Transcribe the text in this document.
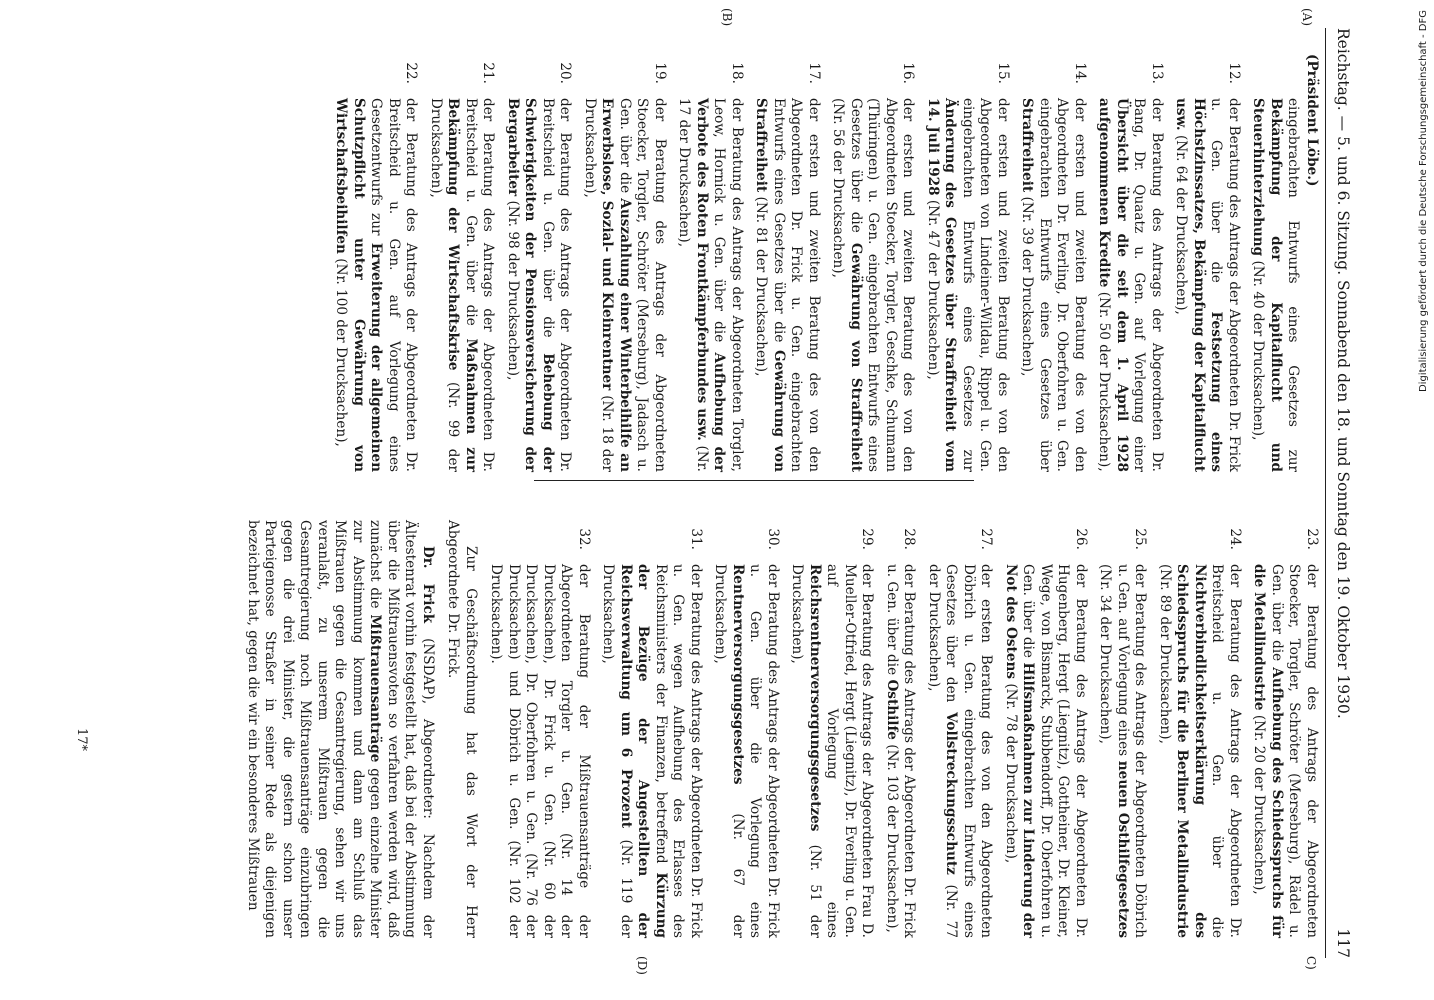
Reichstag. — 5. und 6. Sitzung. Sonnabend den 18. und Sonntag den 19. Oktober 1930.
117
(A)
(B)
C)
(D)
(Präsident Löbe.)
eingebrachten Entwurfs eines Gesetzes zur Bekämpfung der Kapitalflucht und Steuerhinterziehung (Nr. 40 der Drucksachen),
12.
der Beratung des Antrags der Abgeordneten Dr. Frick u. Gen. über die Festsetzung eines Höchstzinssatzes, Bekämpfung der Kapitalflucht usw. (Nr. 64 der Drucksachen),
13.
der Beratung des Antrags der Abgeordneten Dr. Bang, Dr. Quaatz u. Gen. auf Vorlegung einer Übersicht über die seit dem 1. April 1928 aufgenommenen Kredite (Nr. 50 der Drucksachen),
14.
der ersten und zweiten Beratung des von den Abgeordneten Dr. Everling, Dr. Oberfohren u. Gen. eingebrachten Entwurfs eines Gesetzes über Straffreiheit (Nr. 39 der Drucksachen),
15.
der ersten und zweiten Beratung des von den Abgeordneten von Lindeiner-Wildau, Rippel u. Gen. eingebrachten Entwurfs eines Gesetzes zur Änderung des Gesetzes über Straffreiheit vom 14. Juli 1928 (Nr. 47 der Drucksachen),
16.
der ersten und zweiten Beratung des von den Abgeordneten Stoecker, Torgler, Geschke, Schumann (Thüringen) u. Gen. eingebrachten Entwurfs eines Gesetzes über die Gewährung von Straffreiheit (Nr. 56 der Drucksachen),
17.
der ersten und zweiten Beratung des von den Abgeordneten Dr. Frick u. Gen. eingebrachten Entwurfs eines Gesetzes über die Gewährung von Straffreiheit (Nr. 81 der Drucksachen),
18.
der Beratung des Antrags der Abgeordneten Torgler, Leow, Hornick u. Gen. über die Aufhebung der Verbote des Roten Frontkämpferbundes usw. (Nr. 17 der Drucksachen),
19.
der Beratung des Antrags der Abgeordneten Stoecker, Torgler, Schröter (Merseburg), Jadasch u. Gen. über die Auszahlung einer Winterbeihilfe an Erwerbslose, Sozial- und Kleinrentner (Nr. 18 der Drucksachen),
20.
der Beratung des Antrags der Abgeordneten Dr. Breitscheid u. Gen. über die Behebung der Schwierigkeiten der Pensionsversicherung der Bergarbeiter (Nr. 98 der Drucksachen),
21.
der Beratung des Antrags der Abgeordneten Dr. Breitscheid u. Gen. über die Maßnahmen zur Bekämpfung der Wirtschaftskrise (Nr. 99 der Drucksachen),
22.
der Beratung des Antrags der Abgeordneten Dr. Breitscheid u. Gen. auf Vorlegung eines Gesetzentwurfs zur Erweiterung der allgemeinen Schutzpflicht unter Gewährung von Wirtschaftsbeihilfen (Nr. 100 der Drucksachen),
23.
der Beratung des Antrags der Abgeordneten Stoecker, Torgler, Schröter (Merseburg), Rädel u. Gen. über die Aufhebung des Schiedsspruchs für die Metallindustrie (Nr. 20 der Drucksachen),
24.
der Beratung des Antrags der Abgeordneten Dr. Breitscheid u. Gen. über die Nichtverbindlichkeitserklärung des Schiedsspruchs für die Berliner Metallindustrie (Nr. 89 der Drucksachen),
25.
der Beratung des Antrags der Abgeordneten Döbrich u. Gen. auf Vorlegung eines neuen Osthilfegesetzes (Nr. 34 der Drucksachen),
26.
der Beratung des Antrags der Abgeordneten Dr. Hugenberg, Hergt (Liegnitz), Gottheiner, Dr. Kleiner, Wege, von Bismarck, Stubbendorff, Dr. Oberfohren u. Gen. über die Hilfsmaßnahmen zur Linderung der Not des Ostens (Nr. 78 der Drucksachen),
27.
der ersten Beratung des von den Abgeordneten Döbrich u. Gen. eingebrachten Entwurfs eines Gesetzes über den Vollstreckungsschutz (Nr. 77 der Drucksachen),
28.
der Beratung des Antrags der Abgeordneten Dr. Frick u. Gen. über die Osthilfe (Nr. 103 der Drucksachen),
29.
der Beratung des Antrags der Abgeordneten Frau D. Mueller-Otfried, Hergt (Liegnitz), Dr. Everling u. Gen. auf Vorlegung eines Reichsrentnerversorgungsgesetzes (Nr. 51 der Drucksachen),
30.
der Beratung des Antrags der Abgeordneten Dr. Frick u. Gen. über die Vorlegung eines Rentnerversorgungsgesetzes (Nr. 67 der Drucksachen),
31.
der Beratung des Antrags der Abgeordneten Dr. Frick u. Gen. wegen Aufhebung des Erlasses des Reichsministers der Finanzen, betreffend Kürzung der Bezüge der Angestellten der Reichsverwaltung um 6 Prozent (Nr. 119 der Drucksachen),
32.
der Beratung der Mißtrauensanträge der Abgeordneten Torgler u. Gen. (Nr. 14 der Drucksachen), Dr. Frick u. Gen. (Nr. 60 der Drucksachen), Dr. Oberfohren u. Gen. (Nr. 76 der Drucksachen) und Döbrich u. Gen. (Nr. 102 der Drucksachen).

Zur Geschäftsordnung hat das Wort der Herr Abgeordnete Dr. Frick.

Dr. Frick (NSDAP), Abgeordneter: Nachdem der Ältestenrat vorhin festgestellt hat, daß bei der Abstimmung über die Mißtrauensvoten so verfahren werden wird, daß zunächst die Mißtrauensanträge gegen einzelne Minister zur Abstimmung kommen und dann am Schluß das Mißtrauen gegen die Gesamtregierung, sehen wir uns veranlaßt, zu unserem Mißtrauen gegen die Gesamtregierung noch Mißtrauensanträge einzubringen gegen die drei Minister, die gestern schon unser Parteigenosse Straßer in seiner Rede als diejenigen bezeichnet hat, gegen die wir ein besonderes Mißtrauen

17*
Digitalisierung gefördert durch die Deutsche Forschungsgemeinschaft - DFG
